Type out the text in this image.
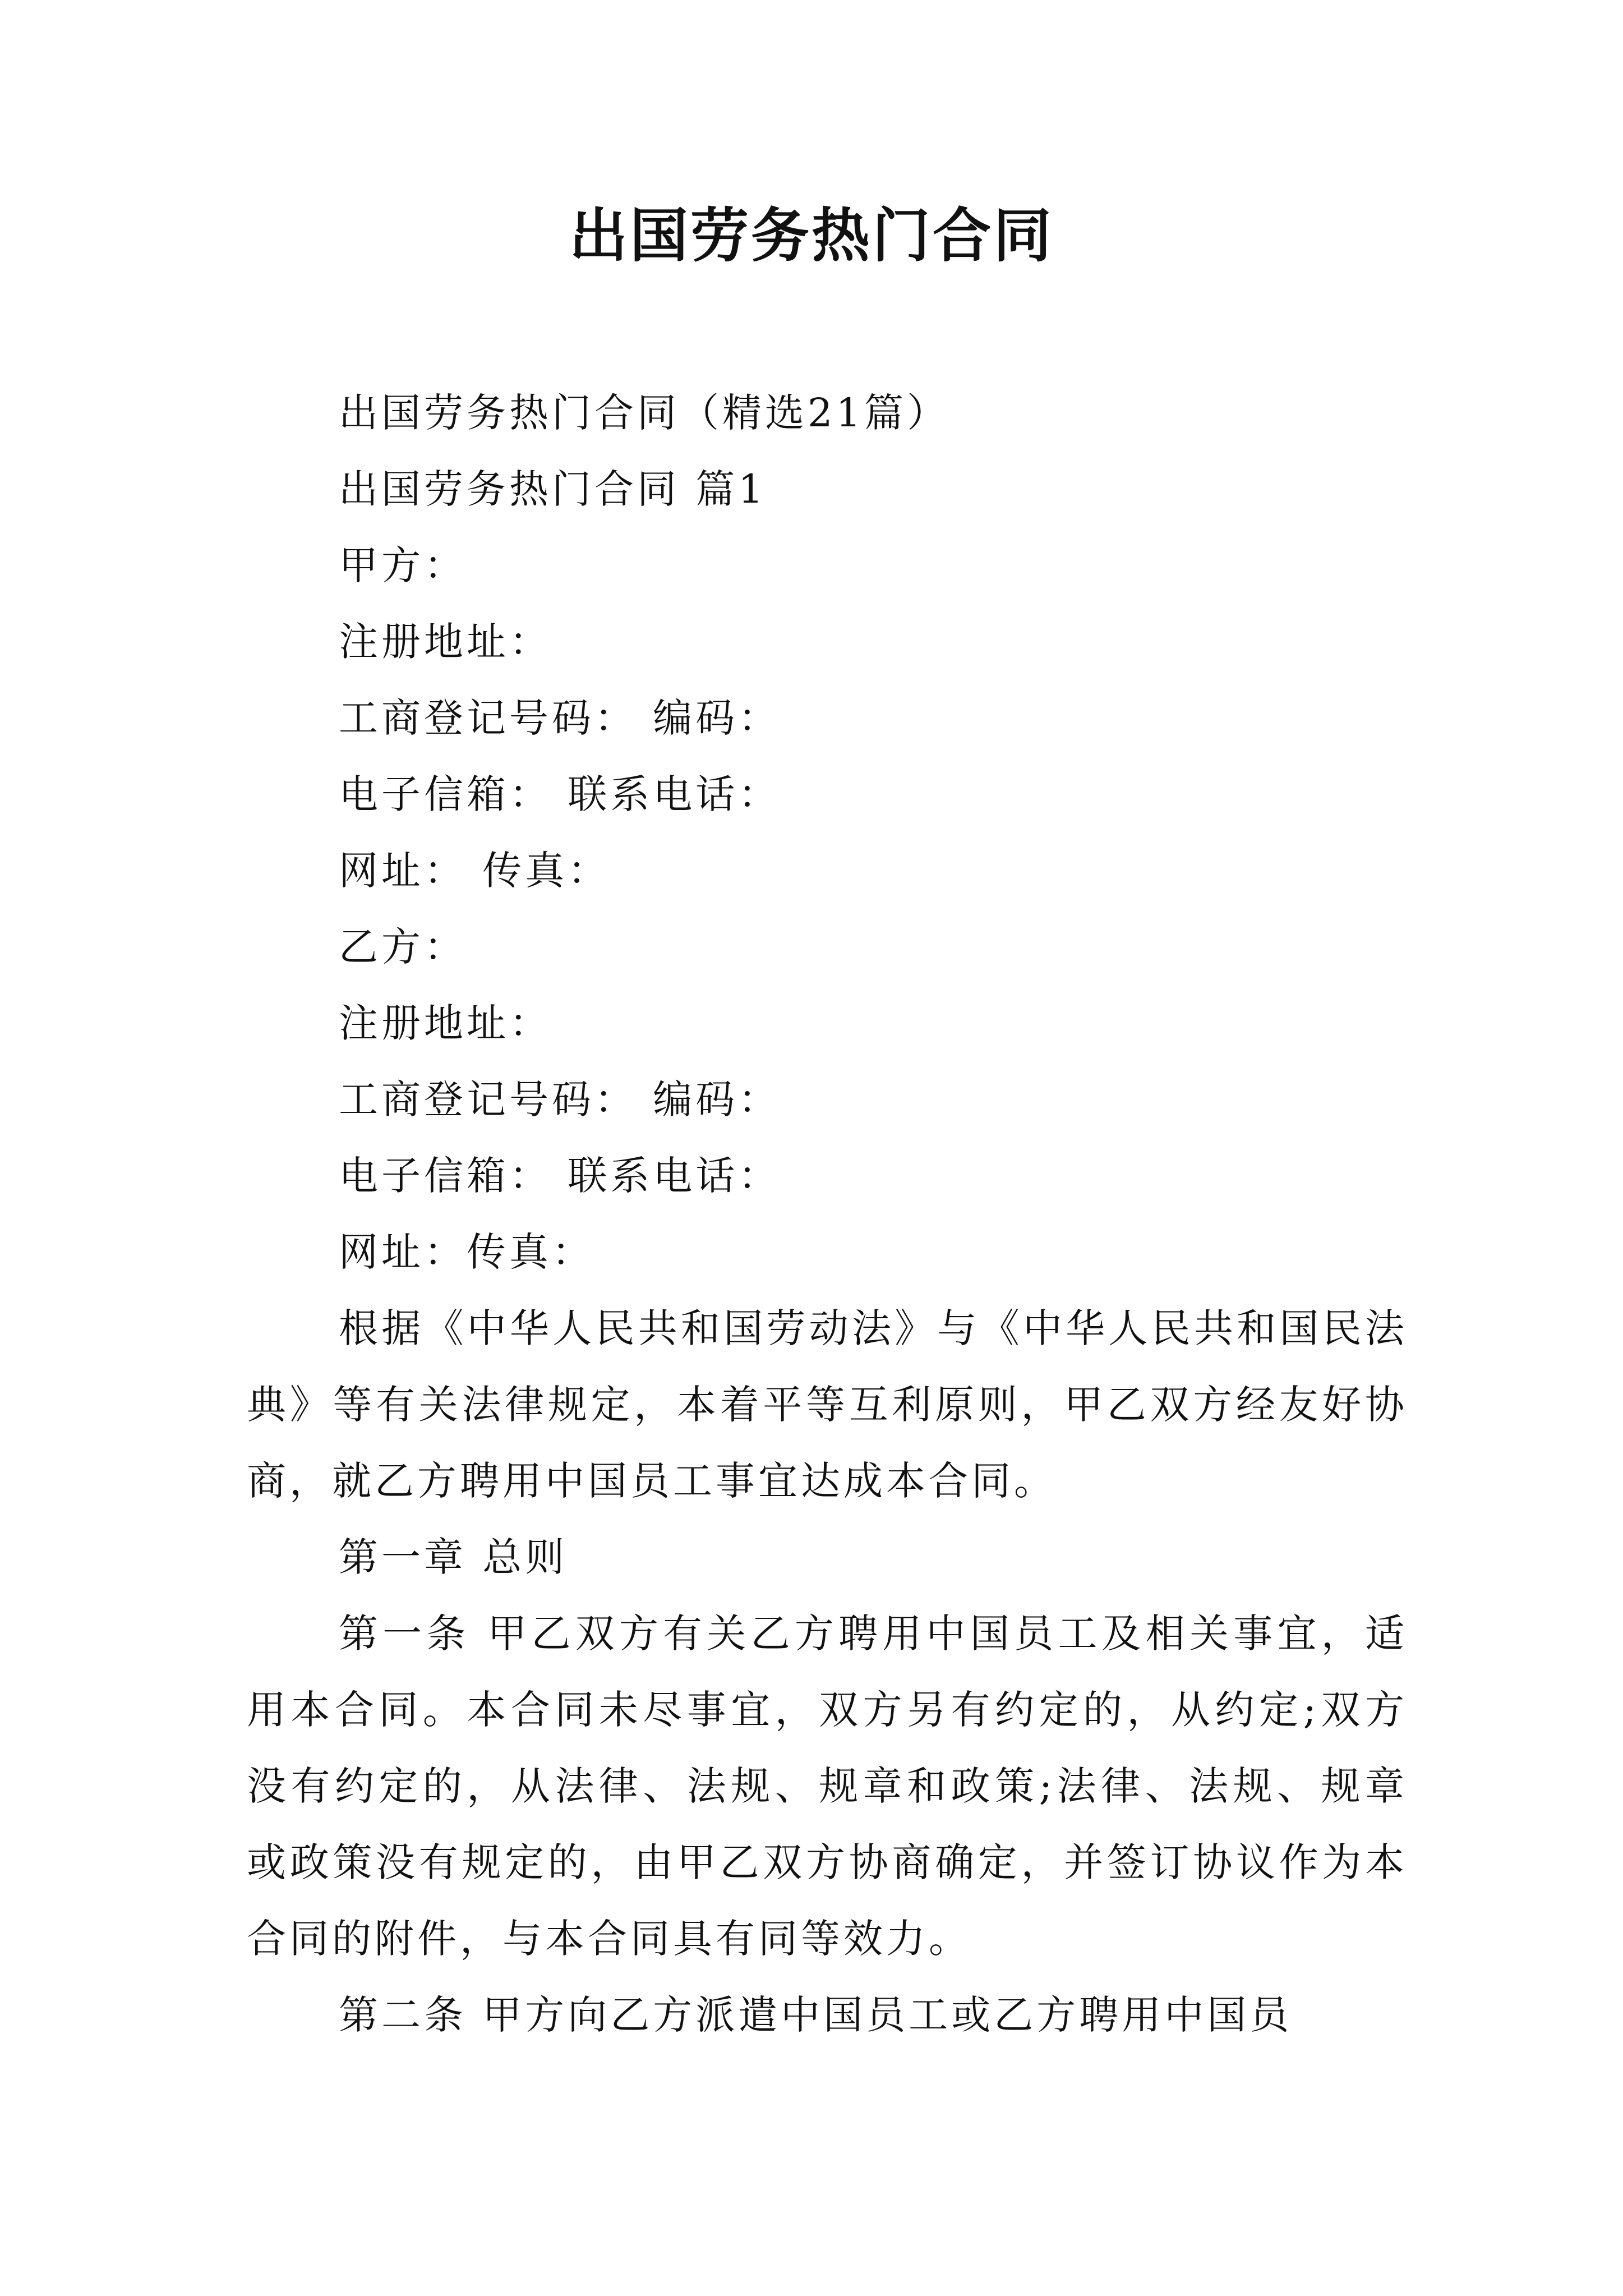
出国劳务热门合同
出国劳务热门合同（精选21篇）
出国劳务热门合同 篇1
甲方：
注册地址：
工商登记号码： 编码：
电子信箱： 联系电话：
网址： 传真：
乙方：
注册地址：
工商登记号码： 编码：
电子信箱： 联系电话：
网址：传真：
根据《中华人民共和国劳动法》与《中华人民共和国民法典》等有关法律规定，本着平等互利原则，甲乙双方经友好协商，就乙方聘用中国员工事宜达成本合同。
第一章 总则
第一条 甲乙双方有关乙方聘用中国员工及相关事宜，适用本合同。本合同未尽事宜，双方另有约定的，从约定;双方没有约定的，从法律、法规、规章和政策;法律、法规、规章或政策没有规定的，由甲乙双方协商确定，并签订协议作为本合同的附件，与本合同具有同等效力。
第二条 甲方向乙方派遣中国员工或乙方聘用中国员
